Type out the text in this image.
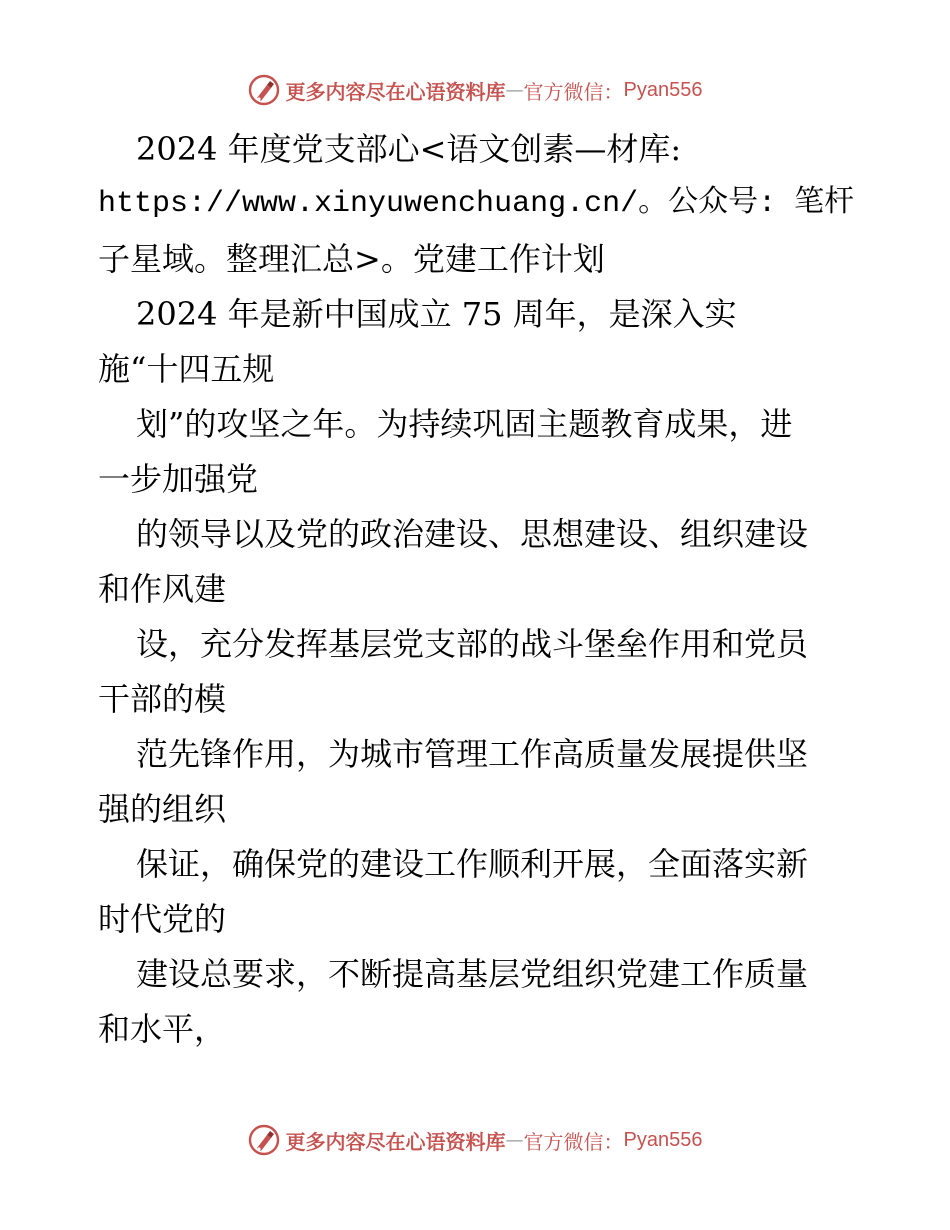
更多内容尽在心语资料库 — 官方微信： Pyan556
2024 年度党支部心<语文创素—材库:
https://www.xinyuwenchuang.cn/。公众号: 笔杆
子星域。整理汇总>。党建工作计划
2024 年是新中国成立 75 周年，是深入实
施“十四五规
划”的攻坚之年。为持续巩固主题教育成果，进
一步加强党
的领导以及党的政治建设、思想建设、组织建设
和作风建
设，充分发挥基层党支部的战斗堡垒作用和党员
干部的模
范先锋作用，为城市管理工作高质量发展提供坚
强的组织
保证，确保党的建设工作顺利开展，全面落实新
时代党的
建设总要求，不断提高基层党组织党建工作质量
和水平，
更多内容尽在心语资料库 — 官方微信： Pyan556
